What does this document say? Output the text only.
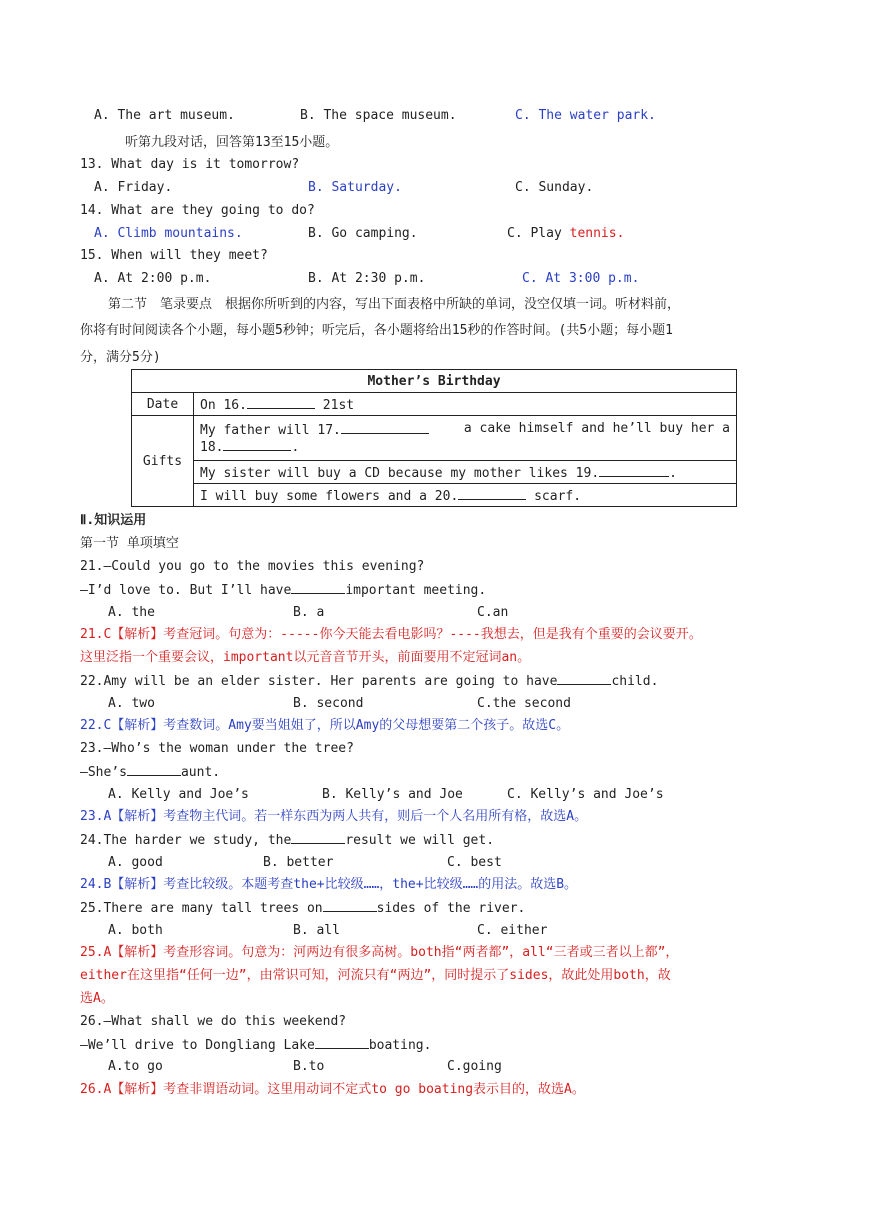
A. The art museum.	B. The space museum.	C. The water park.
听第九段对话，回答第13至15小题。
13. What day is it tomorrow?
A. Friday.	B. Saturday.	C. Sunday.
14. What are they going to do?
A. Climb mountains.	B. Go camping.	C. Play tennis.
15. When will they meet?
A. At 2:00 p.m.	B. At 2:30 p.m.	C. At 3:00 p.m.
第二节　笔录要点　根据你所听到的内容，写出下面表格中所缺的单词，没空仅填一词。听材料前，
你将有时间阅读各个小题，每小题5秒钟；听完后，各小题将给出15秒的作答时间。(共5小题；每小题1
分，满分5分)
Mother’s Birthday	
Date	On 16. 21st
Gifts	My father will 17. a cake himself and he’ll buy her a
18. .

	My sister will buy a CD because my mother likes 19. .
	I will buy some flowers and a 20. scarf.
Ⅱ.知识运用
第一节 单项填空
21.—Could you go to the movies this evening?
—I’d love to. But I’ll have	important meeting.
A. the	B. a	C.an
21.C【解析】考查冠词。句意为：-----你今天能去看电影吗？----我想去，但是我有个重要的会议要开。
这里泛指一个重要会议，important以元音音节开头，前面要用不定冠词an。
22.Amy will be an elder sister. Her parents are going to have	child.
A. two	B. second	C.the second
22.C【解析】考查数词。Amy要当姐姐了，所以Amy的父母想要第二个孩子。故选C。
23.—Who’s the woman under the tree?
—She’s	aunt.
A. Kelly and Joe’s	B. Kelly’s and Joe	C. Kelly’s and Joe’s
23.A【解析】考查物主代词。若一样东西为两人共有，则后一个人名用所有格，故选A。
24.The harder we study, the	result we will get.
A. good	B. better	C. best
24.B【解析】考查比较级。本题考查the+比较级……，the+比较级……的用法。故选B。
25.There are many tall trees on	sides of the river.
A. both	B. all	C. either
25.A【解析】考查形容词。句意为：河两边有很多高树。both指“两者都”，all“三者或三者以上都”，
either在这里指“任何一边”，由常识可知，河流只有“两边”，同时提示了sides，故此处用both，故
选A。
26.—What shall we do this weekend?
—We’ll drive to Dongliang Lake	boating.
A.to go	B.to	C.going
26.A【解析】考查非谓语动词。这里用动词不定式to go boating表示目的，故选A。
